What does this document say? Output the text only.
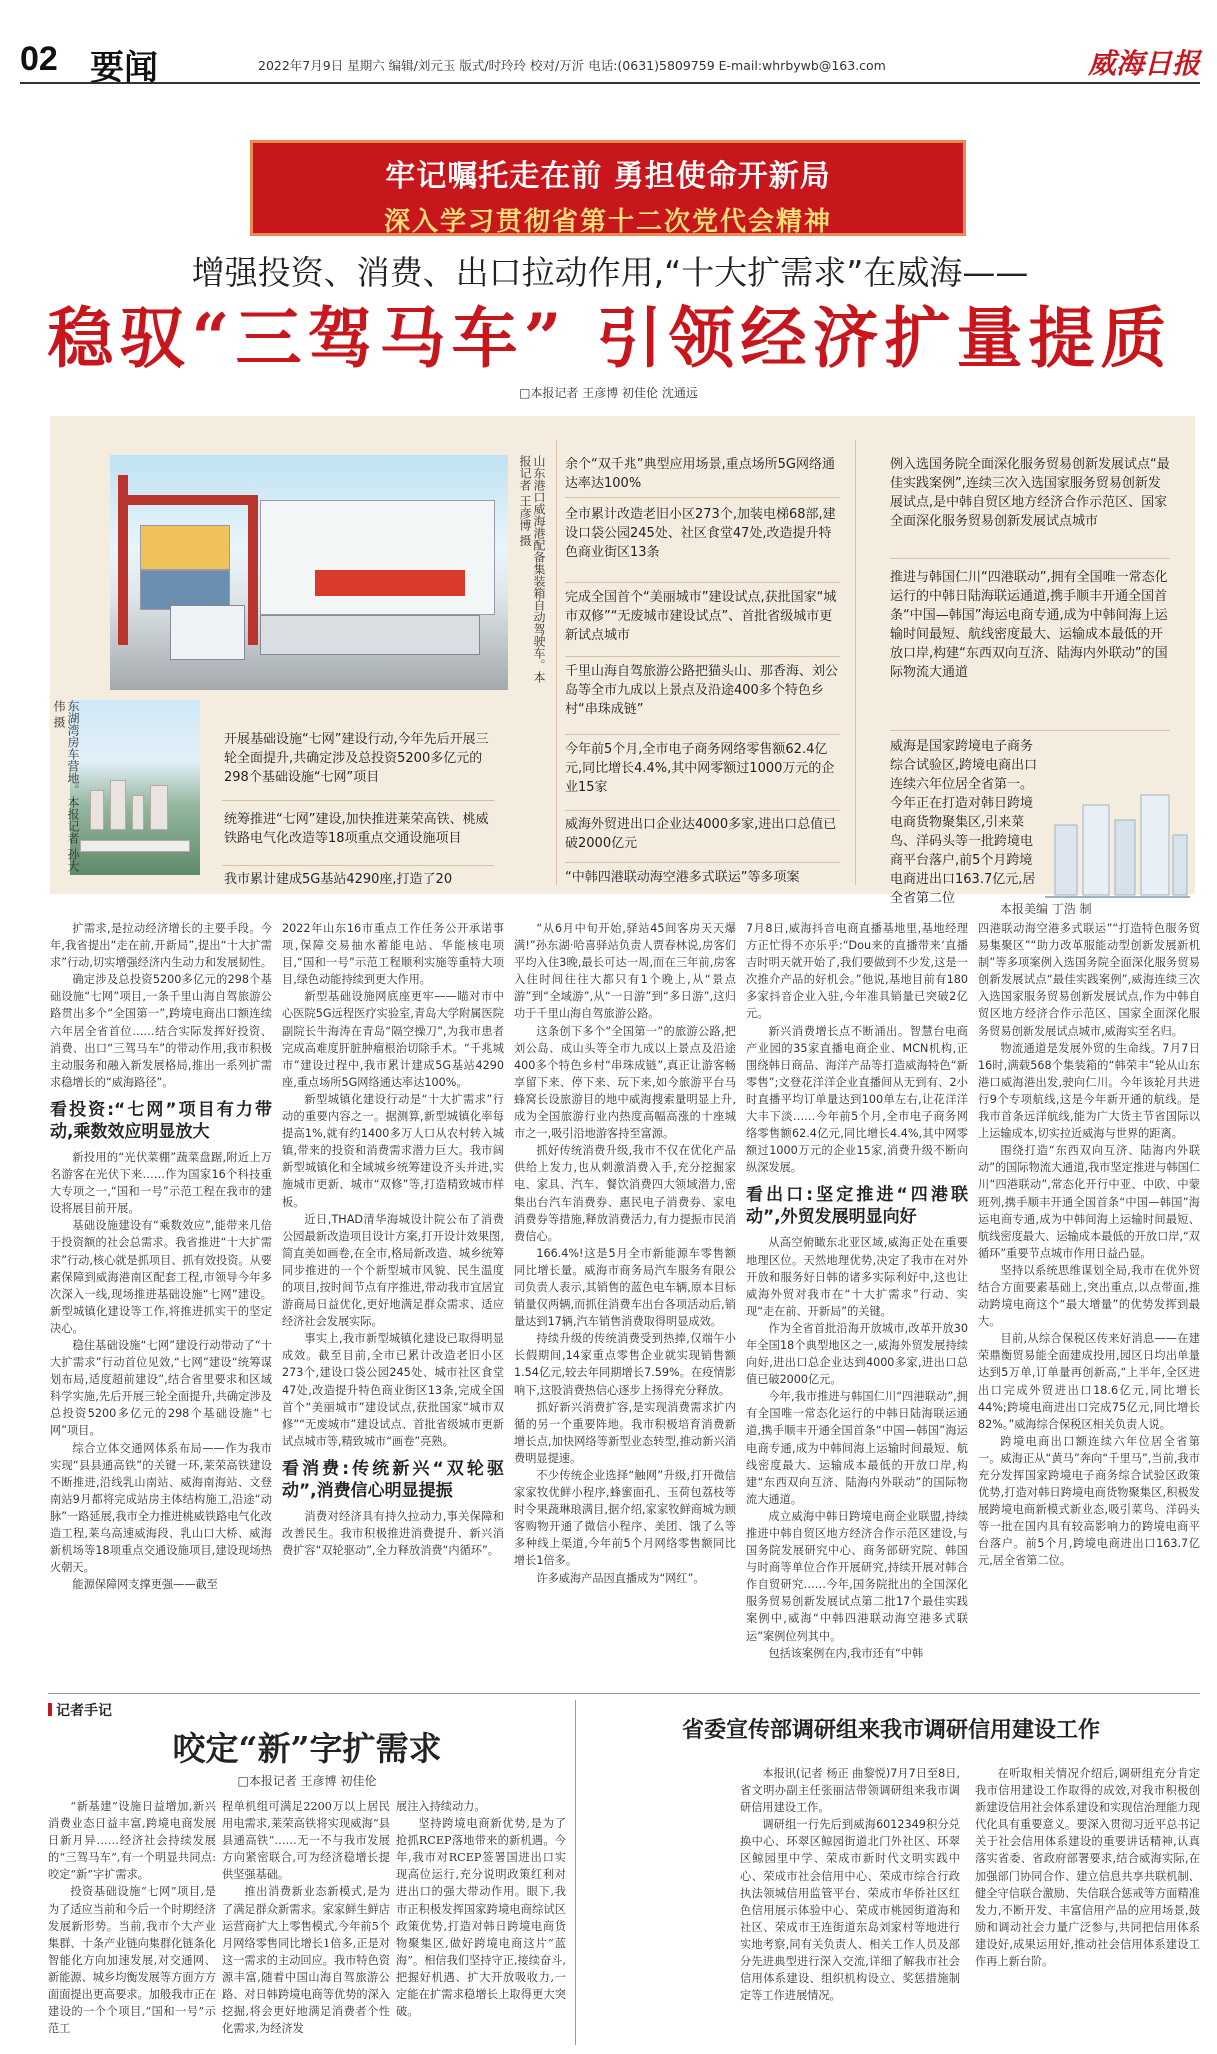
02 要闻	2022年7月9日 星期六 编辑/刘元玉 版式/时玲玲 校对/万沂 电话:(0631)5809759 E-mail:whrbywb@163.com	威海日报
牢记嘱托走在前 勇担使命开新局
深入学习贯彻省第十二次党代会精神
增强投资、消费、出口拉动作用,“十大扩需求”在威海——
稳驭“三驾马车” 引领经济扩量提质
□本报记者 王彦博 初佳伦 沈通远
山东港口威海港配备集装箱自动驾驶车。本报记者 王彦博 摄
东湖湾房车营地。本报记者 孙大伟 摄
开展基础设施“七网”建设行动,今年先后开展三轮全面提升,共确定涉及总投资5200多亿元的298个基础设施“七网”项目
统筹推进“七网”建设,加快推进莱荣高铁、桃威铁路电气化改造等18项重点交通设施项目
我市累计建成5G基站4290座,打造了20
余个“双千兆”典型应用场景,重点场所5G网络通达率达100%
全市累计改造老旧小区273个,加装电梯68部,建设口袋公园245处、社区食堂47处,改造提升特色商业街区13条
完成全国首个“美丽城市”建设试点,获批国家“城市双修”“无废城市建设试点”、首批省级城市更新试点城市
千里山海自驾旅游公路把猫头山、那香海、刘公岛等全市九成以上景点及沿途400多个特色乡村“串珠成链”
今年前5个月,全市电子商务网络零售额62.4亿元,同比增长4.4%,其中网零额过1000万元的企业15家
威海外贸进出口企业达4000多家,进出口总值已破2000亿元
“中韩四港联动海空港多式联运”等多项案
例入选国务院全面深化服务贸易创新发展试点“最佳实践案例”,连续三次入选国家服务贸易创新发展试点,是中韩自贸区地方经济合作示范区、国家全面深化服务贸易创新发展试点城市
推进与韩国仁川“四港联动”,拥有全国唯一常态化运行的中韩日陆海联运通道,携手顺丰开通全国首条“中国—韩国”海运电商专通,成为中韩间海上运输时间最短、航线密度最大、运输成本最低的开放口岸,构建“东西双向互济、陆海内外联动”的国际物流大通道
威海是国家跨境电子商务综合试验区,跨境电商出口连续六年位居全省第一。今年正在打造对韩日跨境电商货物聚集区,引来菜鸟、洋码头等一批跨境电商平台落户,前5个月跨境电商进出口163.7亿元,居全省第二位
本报美编 丁浩 制

扩需求,是拉动经济增长的主要手段。今年,我省提出“走在前,开新局”,提出“十大扩需求”行动,切实增强经济内生动力和发展韧性。

确定涉及总投资5200多亿元的298个基础设施“七网”项目,一条千里山海自驾旅游公路贯出多个“全国第一”,跨境电商出口额连续六年居全省首位……结合实际发挥好投资、消费、出口“三驾马车”的带动作用,我市积极主动服务和融入新发展格局,推出一系列扩需求稳增长的“威海路径”。

看投资:“七网”项目有力带动,乘数效应明显放大

新投用的“光伏菜棚”蔬菜盘踞,附近上万名游客在光伏下来……作为国家16个科技重大专项之一,“国和一号”示范工程在我市的建设将展目前开展。

基础设施建设有“乘数效应”,能带来几倍于投资额的社会总需求。我省推进“十大扩需求”行动,核心就是抓项目、抓有效投资。从要素保障到威海港南区配套工程,市领导今年多次深入一线,现场推进基础设施“七网”建设。新型城镇化建设等工作,将推进抓实干的坚定决心。

稳住基础设施“七网”建设行动带动了“十大扩需求”行动首位见效,“七网”建设“统筹谋划布局,适度超前建设”,结合省里要求和区域科学实施,先后开展三轮全面提升,共确定涉及总投资5200多亿元的298个基础设施“七网”项目。

综合立体交通网体系布局——作为我市实现“县县通高铁”的关键一环,莱荣高铁建设不断推进,沿线乳山南站、威海南海站、文登南站9月都将完成站房主体结构施工,沿途“动脉”一路延展,我市全力推进桃威铁路电气化改造工程,莱乌高速威海段、乳山口大桥、威海新机场等18项重点交通设施项目,建设现场热火朝天。

能源保障网支撑更强——截至

2022年山东16市重点工作任务公开承诺事项,保障交易抽水蓄能电站、华能核电项目,“国和一号”示范工程顺利实施等重特大项目,绿色动能持续到更大作用。

新型基础设施网底座更牢——瞄对市中心医院5G远程医疗实验室,青岛大学附属医院副院长牛海涛在青岛“隔空操刀”,为我市患者完成高难度肝脏肿瘤根治切除手术。“千兆城市”建设过程中,我市累计建成5G基站4290座,重点场所5G网络通达率达100%。

新型城镇化建设行动是“十大扩需求”行动的重要内容之一。据测算,新型城镇化率每提高1%,就有约1400多万人口从农村转入城镇,带来的投资和消费需求潜力巨大。我市阔新型城镇化和全域城乡统筹建设齐头并进,实施城市更新、城市“双修”等,打造精致城市样板。

近日,THAD清华海城设计院公布了消费公园最新改造项目设计方案,打开设计效果图,简直美如画卷,在全市,格局新改造、城乡统筹同步推进的一个个新型城市风貌、民生温度的项目,按时间节点有序推进,带动我市宜居宜游商局日益优化,更好地满足群众需求、适应经济社会发展实际。

事实上,我市新型城镇化建设已取得明显成效。截至目前,全市已累计改造老旧小区273个,建设口袋公园245处、城市社区食堂47处,改造提升特色商业街区13条,完成全国首个“美丽城市”建设试点,获批国家“城市双修”“无废城市”建设试点、首批省级城市更新试点城市等,精致城市“画卷”亮熟。

看消费:传统新兴“双轮驱动”,消费信心明显提振

消费对经济具有持久拉动力,事关保障和改善民生。我市积极推进消费提升、新兴消费扩容“双轮驱动”,全力释放消费“内循环”。

“从6月中旬开始,驿站45间客房天天爆满!”孙东湖·哈喜驿站负责人贾春林说,房客们平均入住3晚,最长可达一周,而在三年前,房客入住时间往往大都只有1个晚上,从“景点游”到“全域游”,从“一日游”到“多日游”,这归功于千里山海自驾旅游公路。

这条创下多个“全国第一”的旅游公路,把刘公岛、成山头等全市九成以上景点及沿途400多个特色乡村“串珠成链”,真正让游客畅享留下来、停下来、玩下来,如今旅游平台马蜂窝长设旅游目的地中威海搜索量明显上升,成为全国旅游行业内热度高幅高涨的十座城市之一,吸引沿地游客持至富源。

抓好传统消费升级,我市不仅在优化产品供给上发力,也从刺激消费入手,充分挖掘家电、家具、汽车、餐饮消费四大领域潜力,密集出台汽车消费券、惠民电子消费券、家电消费券等措施,释放消费活力,有力提振市民消费信心。

166.4%!这是5月全市新能源车零售额同比增长量。威海市商务局汽车服务有限公司负责人表示,其销售的蓝色电车辆,原本目标销量仅两辆,而抓住消费车出台各项活动后,销量达到17辆,汽车销售消费取得明显成效。

持续升级的传统消费受到热捧,仅端午小长假期间,14家重点零售企业就实现销售额1.54亿元,较去年同期增长7.59%。在疫情影响下,这股消费热信心逐步上扬得充分释放。

抓好新兴消费扩容,是实现消费需求扩内循的另一个重要阵地。我市积极培育消费新增长点,加快网络等新型业态转型,推动新兴消费明显提速。

不少传统企业选择“触网”升级,打开微信家家牧优鲜小程序,蜂蜜面孔、玉荷包荔枝等时令果蔬琳琅满目,据介绍,家家牧鲜商城为顾客购物开通了微信小程序、美团、饿了么等多种线上渠道,今年前5个月网络零售额同比增长1倍多。

许多威海产品因直播成为“网红”。

7月8日,威海抖音电商直播基地里,基地经理方正忙得不亦乐乎:“Dou来的直播带来‘直播吉时明天就开始了,我们要做到不少发,这是一次推介产品的好机会。”他说,基地目前有180多家抖音企业入驻,今年准具销量已突破2亿元。

新兴消费增长点不断涌出。智慧台电商产业园的35家直播电商企业、MCN机构,正围绕韩日商品、海洋产品等打造威海特色“新零售”;文登花洋洋企业直播间从无到有、2小时直播平均订单量达到100单左右,让花洋洋大丰下淡……今年前5个月,全市电子商务网络零售额62.4亿元,同比增长4.4%,其中网零额过1000万元的企业15家,消费升级不断向纵深发展。

看出口:坚定推进“四港联动”,外贸发展明显向好

从高空俯瞰东北亚区域,威海正处在重要地理区位。天然地理优势,决定了我市在对外开放和服务好日韩的诸多实际利好中,这也让威海外贸对我市在“十大扩需求”行动、实现“走在前、开新局”的关键。

作为全省首批沿海开放城市,改革开放30年全国18个典型地区之一,威海外贸发展持续向好,进出口总企业达到4000多家,进出口总值已破2000亿元。

今年,我市推进与韩国仁川“四港联动”,拥有全国唯一常态化运行的中韩日陆海联运通道,携手顺丰开通全国首条“中国—韩国”海运电商专通,成为中韩间海上运输时间最短、航线密度最大、运输成本最低的开放口岸,构建“东西双向互济、陆海内外联动”的国际物流大通道。

成立威海中韩日跨境电商企业联盟,持续推进中韩自贸区地方经济合作示范区建设,与国务院发展研究中心、商务部研究院、韩国与时商等单位合作开展研究,持续开展对韩合作自贸研究……今年,国务院批出的全国深化服务贸易创新发展试点第二批17个最佳实践案例中,威海“中韩四港联动海空港多式联运”案例位列其中。

包括该案例在内,我市还有“中韩

四港联动海空港多式联运”“打造特色服务贸易集聚区”“助力改革服能动型创新发展新机制”等多项案例入选国务院全面深化服务贸易创新发展试点“最佳实践案例”,威海连续三次入选国家服务贸易创新发展试点,作为中韩自贸区地方经济合作示范区、国家全面深化服务贸易创新发展试点城市,威海实至名归。

物流通道是发展外贸的生命线。7月7日16时,满载568个集装箱的“韩荣丰”轮从山东港口威海港出发,驶向仁川。今年该轮月共进行9个专项航线,这是今年新开通的航线。是我市首条远洋航线,能为广大货主节省国际以上运输成本,切实拉近威海与世界的距离。

围绕打造“东西双向互济、陆海内外联动”的国际物流大通道,我市坚定推进与韩国仁川“四港联动”,常态化开行中亚、中欧、中蒙班列,携手顺丰开通全国首条“中国—韩国”海运电商专通,成为中韩间海上运输时间最短、航线密度最大、运输成本最低的开放口岸,“双循环”重要节点城市作用日益凸显。

坚持以系统思维谋划全局,我市在优外贸结合方面要素基础上,突出重点,以点带面,推动跨境电商这个“最大增量”的优势发挥到最大。

目前,从综合保税区传来好消息——在建荣鼎衡贸易能全面建成投用,园区日均出单量达到5万单,订单量再创新高,“上半年,全区进出口完成外贸进出口18.6亿元,同比增长44%;跨境电商进出口完成75亿元,同比增长82%。”威海综合保税区相关负责人说。

跨境电商出口额连续六年位居全省第一。威海正从“黄马”奔向“千里马”,当前,我市充分发挥国家跨境电子商务综合试验区政策优势,打造对韩日跨境电商货物聚集区,积极发展跨境电商新模式新业态,吸引菜鸟、洋码头等一批在国内具有较高影响力的跨境电商平台落户。前5个月,跨境电商进出口163.7亿元,居全省第二位。

记者手记
咬定“新”字扩需求
□本报记者 王彦博 初佳伦

“新基建”设施日益增加,新兴消费业态日益丰富,跨境电商发展日新月异……经济社会持续发展的“三驾马车”,有一个明显共同点:咬定“新”字扩需求。

投资基础设施“七网”项目,是为了适应当前和今后一个时期经济发展新形势。当前,我市个大产业集群、十条产业链向集群化链条化智能化方向加速发展,对交通网、新能源、城乡均衡发展等方面方方面面提出更高要求。加般我市正在建设的一个个项目,“国和一号”示范工

程单机组可满足2200万以上居民用电需求,莱荣高铁将实现威海“县县通高铁”……无一不与我市发展方向紧密联合,可为经济稳增长提供坚强基础。

推出消费新业态新模式,是为了满足群众新需求。家家鲜生鲜店运营商扩大上零售模式,今年前5个月网络零售同比增长1倍多,正是对这一需求的主动回应。我市特色资源丰富,随着中国山海自驾旅游公路、对日韩跨境电商等优势的深入挖掘,将会更好地满足消费者个性化需求,为经济发

展注入持续动力。

坚持跨境电商新优势,是为了抢抓RCEP落地带来的新机遇。今年,我市对RCEP签署国进出口实现高位运行,充分说明政策红利对进出口的强大带动作用。眼下,我市正积极发挥国家跨境电商综试区政策优势,打造对韩日跨境电商货物聚集区,做好跨境电商这片“蓝海”。相信我们坚持守正,接续奋斗,把握好机遇、扩大开放吸收力,一定能在扩需求稳增长上取得更大突破。

省委宣传部调研组来我市调研信用建设工作

本报讯(记者 杨正 曲黎悦)7月7日至8日,省文明办副主任张丽洁带领调研组来我市调研信用建设工作。

调研组一行先后到威海6012349积分兑换中心、环翠区鲸园街道北门外社区、环翠区鲸园里中学、荣成市新时代文明实践中心、荣成市社会信用中心、荣成市综合行政执法领城信用监管平台、荣成市华侨社区红色信用展示体验中心、荣成市桃园街道海和社区、荣成市王连街道东岛刘家村等地进行实地考察,同有关负责人、相关工作人员及部分先进典型进行深入交流,详细了解我市社会信用体系建设、组织机构设立、奖惩措施制定等工作进展情况。

在听取相关情况介绍后,调研组充分肯定我市信用建设工作取得的成效,对我市积极创新建设信用社会体系建设和实现信治理能力现代化具有重要意义。要深入贯彻习近平总书记关于社会信用体系建设的重要讲话精神,认真落实省委、省政府部署要求,结合威海实际,在加强部门协同合作、建立信息共享共联机制、健全守信联合激励、失信联合惩戒等方面精准发力,不断开发、丰富信用产品的应用场景,鼓励和调动社会力量广泛参与,共同把信用体系建设好,成果运用好,推动社会信用体系建设工作再上新台阶。
